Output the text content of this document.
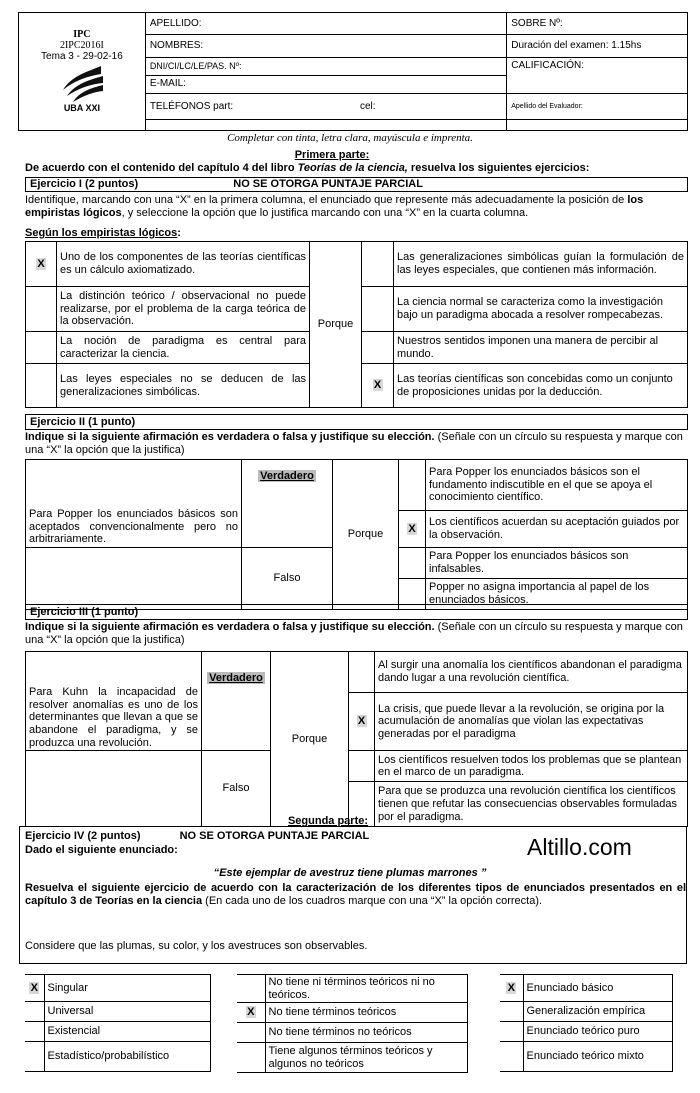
IPC
2IPC2016I
Tema 3 - 29-02-16
UBA XXI	APELLIDO:	SOBRE Nº:
	NOMBRES:	Duración del examen: 1.15hs
	DNI/CI/LC/LE/PAS. Nº:	CALIFICACIÓN:
	E-MAIL:	
	TELÉFONOS part: cel:	Apellido del Evaluador:

Completar con tinta, letra clara, mayúscula e imprenta.
Primera parte:
De acuerdo con el contenido del capítulo 4 del libro Teorías de la ciencia, resuelva los siguientes ejercicios:
Ejercicio I (2 puntos)	NO SE OTORGA PUNTAJE PARCIAL
Identifique, marcando con una “X” en la primera columna, el enunciado que represente más adecuadamente la posición de los empiristas lógicos, y seleccione la opción que lo justifica marcando con una “X” en la cuarta columna.
Según los empiristas lógicos:
X	Uno de los componentes de las teorías científicas es un cálculo axiomatizado.	Porque		Las generalizaciones simbólicas guían la formulación de las leyes especiales, que contienen más información.
	La distinción teórico / observacional no puede realizarse, por el problema de la carga teórica de la observación.			La ciencia normal se caracteriza como la investigación bajo un paradigma abocada a resolver rompecabezas.
	La noción de paradigma es central para caracterizar la ciencia.			Nuestros sentidos imponen una manera de percibir al mundo.
	Las leyes especiales no se deducen de las generalizaciones simbólicas.		X	Las teorías científicas son concebidas como un conjunto de proposiciones unidas por la deducción.
Ejercicio II (1 punto)
Indique si la siguiente afirmación es verdadera o falsa y justifique su elección. (Señale con un círculo su respuesta y marque con una “X” la opción que la justifica)
Para Popper los enunciados básicos son aceptados convencionalmente pero no arbitrariamente.	Verdadero	Porque		Para Popper los enunciados básicos son el fundamento indiscutible en el que se apoya el conocimiento científico.
			X	Los científicos acuerdan su aceptación guiados por la observación.
	Falso			Para Popper los enunciados básicos son infalsables.
				Popper no asigna importancia al papel de los enunciados básicos.
Ejercicio III (1 punto)
Indique si la siguiente afirmación es verdadera o falsa y justifique su elección. (Señale con un círculo su respuesta y marque con una “X” la opción que la justifica)
Para Kuhn la incapacidad de resolver anomalías es uno de los determinantes que llevan a que se abandone el paradigma, y se produzca una revolución.	Verdadero	Porque		Al surgir una anomalía los científicos abandonan el paradigma dando lugar a una revolución científica.
			X	La crisis, que puede llevar a la revolución, se origina por la acumulación de anomalías que violan las expectativas generadas por el paradigma
	Falso			Los científicos resuelven todos los problemas que se plantean en el marco de un paradigma.
				Para que se produzca una revolución científica los científicos tienen que refutar las consecuencias observables formuladas por el paradigma.
Segunda parte:
Ejercicio IV (2 puntos)	NO SE OTORGA PUNTAJE PARCIAL
Dado el siguiente enunciado:	Altillo.com
“Este ejemplar de avestruz tiene plumas marrones ”
Resuelva el siguiente ejercicio de acuerdo con la caracterización de los diferentes tipos de enunciados presentados en el capítulo 3 de Teorías en la ciencia (En cada uno de los cuadros marque con una “X” la opción correcta).
Considere que las plumas, su color, y los avestruces son observables.
X	Singular
	Universal
	Existencial
	Estadístico/probabilístico
	No tiene ni términos teóricos ni no teóricos.
X	No tiene términos teóricos
	No tiene términos no teóricos
	Tiene algunos términos teóricos y algunos no teóricos
X	Enunciado básico
	Generalización empírica
	Enunciado teórico puro
	Enunciado teórico mixto
